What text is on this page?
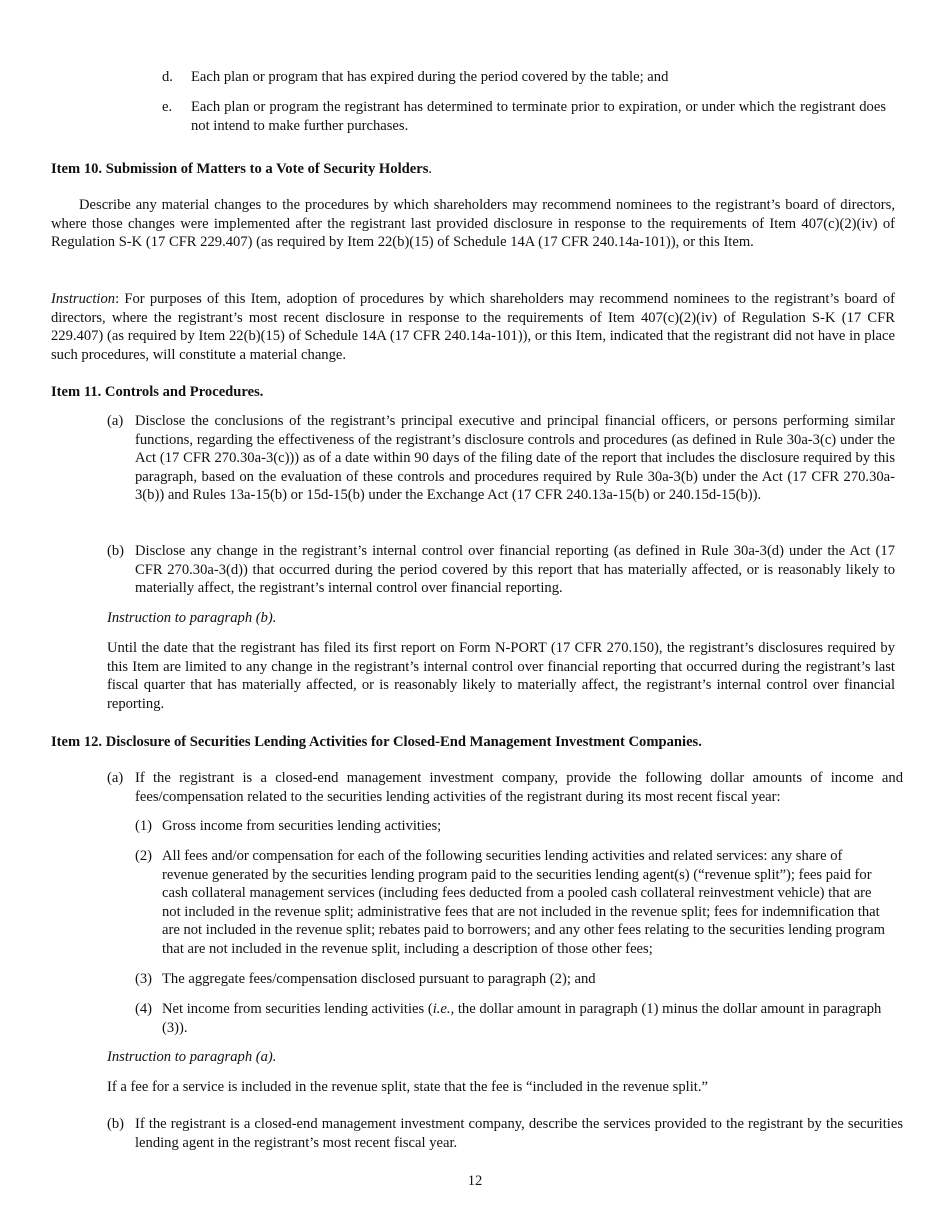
d.	Each plan or program that has expired during the period covered by the table; and
e.	Each plan or program the registrant has determined to terminate prior to expiration, or under which the registrant does not intend to make further purchases.
Item 10. Submission of Matters to a Vote of Security Holders.

Describe any material changes to the procedures by which shareholders may recommend nominees to the registrant’s board of directors, where those changes were implemented after the registrant last provided disclosure in response to the requirements of Item 407(c)(2)(iv) of Regulation S-K (17 CFR 229.407) (as required by Item 22(b)(15) of Schedule 14A (17 CFR 240.14a-101)), or this Item.

Instruction: For purposes of this Item, adoption of procedures by which shareholders may recommend nominees to the registrant’s board of directors, where the registrant’s most recent disclosure in response to the requirements of Item 407(c)(2)(iv) of Regulation S-K (17 CFR 229.407) (as required by Item 22(b)(15) of Schedule 14A (17 CFR 240.14a-101)), or this Item, indicated that the registrant did not have in place such procedures, will constitute a material change.

Item 11. Controls and Procedures.
(a) Disclose the conclusions of the registrant’s principal executive and principal financial officers, or persons performing similar functions, regarding the effectiveness of the registrant’s disclosure controls and procedures (as defined in Rule 30a-3(c) under the Act (17 CFR 270.30a-3(c))) as of a date within 90 days of the filing date of the report that includes the disclosure required by this paragraph, based on the evaluation of these controls and procedures required by Rule 30a-3(b) under the Act (17 CFR 270.30a-3(b)) and Rules 13a-15(b) or 15d-15(b) under the Exchange Act (17 CFR 240.13a-15(b) or 240.15d-15(b)).
(b) Disclose any change in the registrant’s internal control over financial reporting (as defined in Rule 30a-3(d) under the Act (17 CFR 270.30a-3(d)) that occurred during the period covered by this report that has materially affected, or is reasonably likely to materially affect, the registrant’s internal control over financial reporting.
Instruction to paragraph (b).

Until the date that the registrant has filed its first report on Form N-PORT (17 CFR 270.150), the registrant’s disclosures required by this Item are limited to any change in the registrant’s internal control over financial reporting that occurred during the registrant’s last fiscal quarter that has materially affected, or is reasonably likely to materially affect, the registrant’s internal control over financial reporting.

Item 12. Disclosure of Securities Lending Activities for Closed-End Management Investment Companies.
(a) If the registrant is a closed-end management investment company, provide the following dollar amounts of income and fees/compensation related to the securities lending activities of the registrant during its most recent fiscal year:
(1) Gross income from securities lending activities;
(2) All fees and/or compensation for each of the following securities lending activities and related services: any share of revenue generated by the securities lending program paid to the securities lending agent(s) (“revenue split”); fees paid for cash collateral management services (including fees deducted from a pooled cash collateral reinvestment vehicle) that are not included in the revenue split; administrative fees that are not included in the revenue split; fees for indemnification that are not included in the revenue split; rebates paid to borrowers; and any other fees relating to the securities lending program that are not included in the revenue split, including a description of those other fees;
(3) The aggregate fees/compensation disclosed pursuant to paragraph (2); and
(4) Net income from securities lending activities (i.e., the dollar amount in paragraph (1) minus the dollar amount in paragraph (3)).
Instruction to paragraph (a).

If a fee for a service is included in the revenue split, state that the fee is “included in the revenue split.”

(b) If the registrant is a closed-end management investment company, describe the services provided to the registrant by the securities lending agent in the registrant’s most recent fiscal year.
12
